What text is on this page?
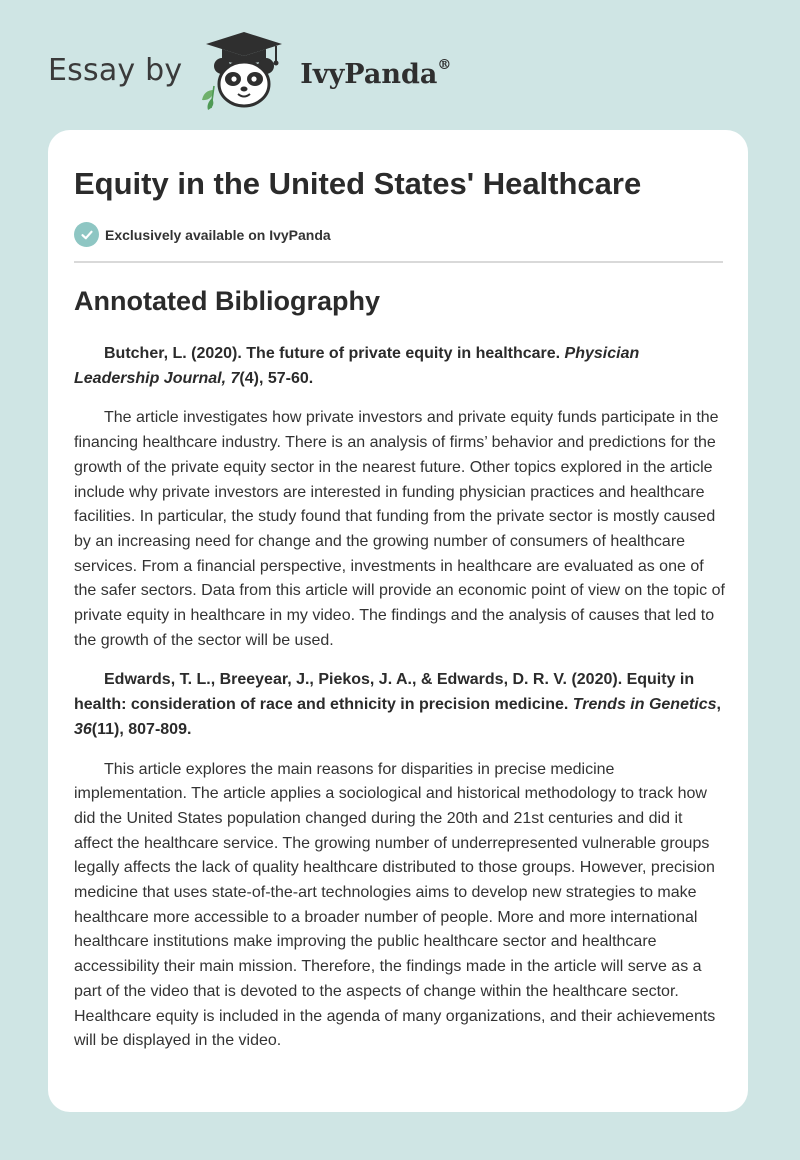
Essay by	IvyPanda®
Equity in the United States' Healthcare
Exclusively available on IvyPanda
Annotated Bibliography

Butcher, L. (2020). The future of private equity in healthcare. Physician Leadership Journal, 7(4), 57-60.

The article investigates how private investors and private equity funds participate in the financing healthcare industry. There is an analysis of firms’ behavior and predictions for the growth of the private equity sector in the nearest future. Other topics explored in the article include why private investors are interested in funding physician practices and healthcare facilities. In particular, the study found that funding from the private sector is mostly caused by an increasing need for change and the growing number of consumers of healthcare services. From a financial perspective, investments in healthcare are evaluated as one of the safer sectors. Data from this article will provide an economic point of view on the topic of private equity in healthcare in my video. The findings and the analysis of causes that led to the growth of the sector will be used.

Edwards, T. L., Breeyear, J., Piekos, J. A., & Edwards, D. R. V. (2020). Equity in health: consideration of race and ethnicity in precision medicine. Trends in Genetics, 36(11), 807-809.

This article explores the main reasons for disparities in precise medicine implementation. The article applies a sociological and historical methodology to track how did the United States population changed during the 20th and 21st centuries and did it affect the healthcare service. The growing number of underrepresented vulnerable groups legally affects the lack of quality healthcare distributed to those groups. However, precision medicine that uses state-of-the-art technologies aims to develop new strategies to make healthcare more accessible to a broader number of people. More and more international healthcare institutions make improving the public healthcare sector and healthcare accessibility their main mission. Therefore, the findings made in the article will serve as a part of the video that is devoted to the aspects of change within the healthcare sector. Healthcare equity is included in the agenda of many organizations, and their achievements will be displayed in the video.
